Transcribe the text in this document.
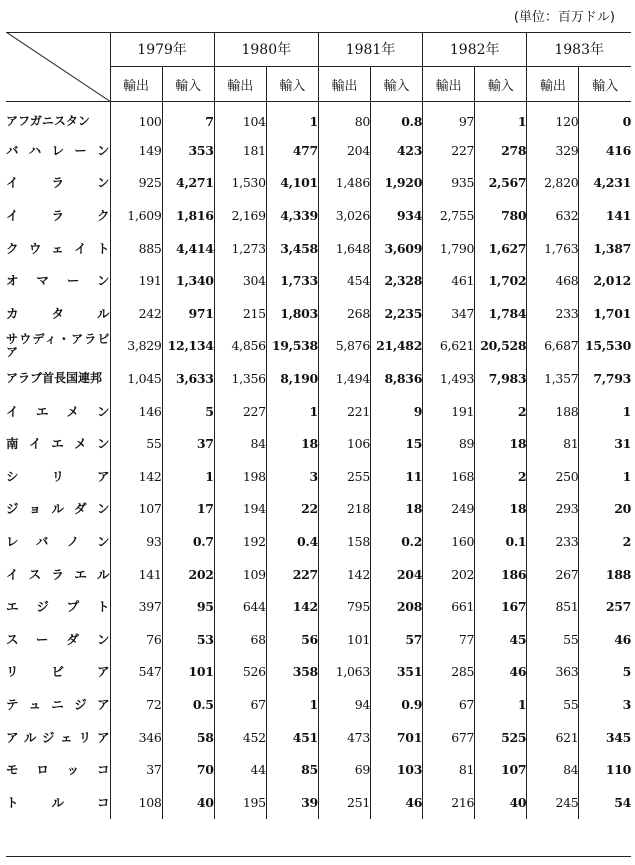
(単位：百万ドル)
	1979年		1980年		1981年		1982年		1983年	
	輸出	輸入	輸出	輸入	輸出	輸入	輸出	輸入	輸出	輸入
アフガニスタン	100	7	104	1	80	0.8	97	1	120	0
バハレーン	149	353	181	477	204	423	227	278	329	416
イラン	925	4,271	1,530	4,101	1,486	1,920	935	2,567	2,820	4,231
イラク	1,609	1,816	2,169	4,339	3,026	934	2,755	780	632	141
クウェイト	885	4,414	1,273	3,458	1,648	3,609	1,790	1,627	1,763	1,387
オマーン	191	1,340	304	1,733	454	2,328	461	1,702	468	2,012
カタル	242	971	215	1,803	268	2,235	347	1,784	233	1,701
サウディ・アラビア	3,829	12,134	4,856	19,538	5,876	21,482	6,621	20,528	6,687	15,530
アラブ首長国連邦	1,045	3,633	1,356	8,190	1,494	8,836	1,493	7,983	1,357	7,793
イエメン	146	5	227	1	221	9	191	2	188	1
南イエメン	55	37	84	18	106	15	89	18	81	31
シリア	142	1	198	3	255	11	168	2	250	1
ジョルダン	107	17	194	22	218	18	249	18	293	20
レバノン	93	0.7	192	0.4	158	0.2	160	0.1	233	2
イスラエル	141	202	109	227	142	204	202	186	267	188
エジプト	397	95	644	142	795	208	661	167	851	257
スーダン	76	53	68	56	101	57	77	45	55	46
リビア	547	101	526	358	1,063	351	285	46	363	5
テュニジア	72	0.5	67	1	94	0.9	67	1	55	3
アルジェリア	346	58	452	451	473	701	677	525	621	345
モロッコ	37	70	44	85	69	103	81	107	84	110
トルコ	108	40	195	39	251	46	216	40	245	54
